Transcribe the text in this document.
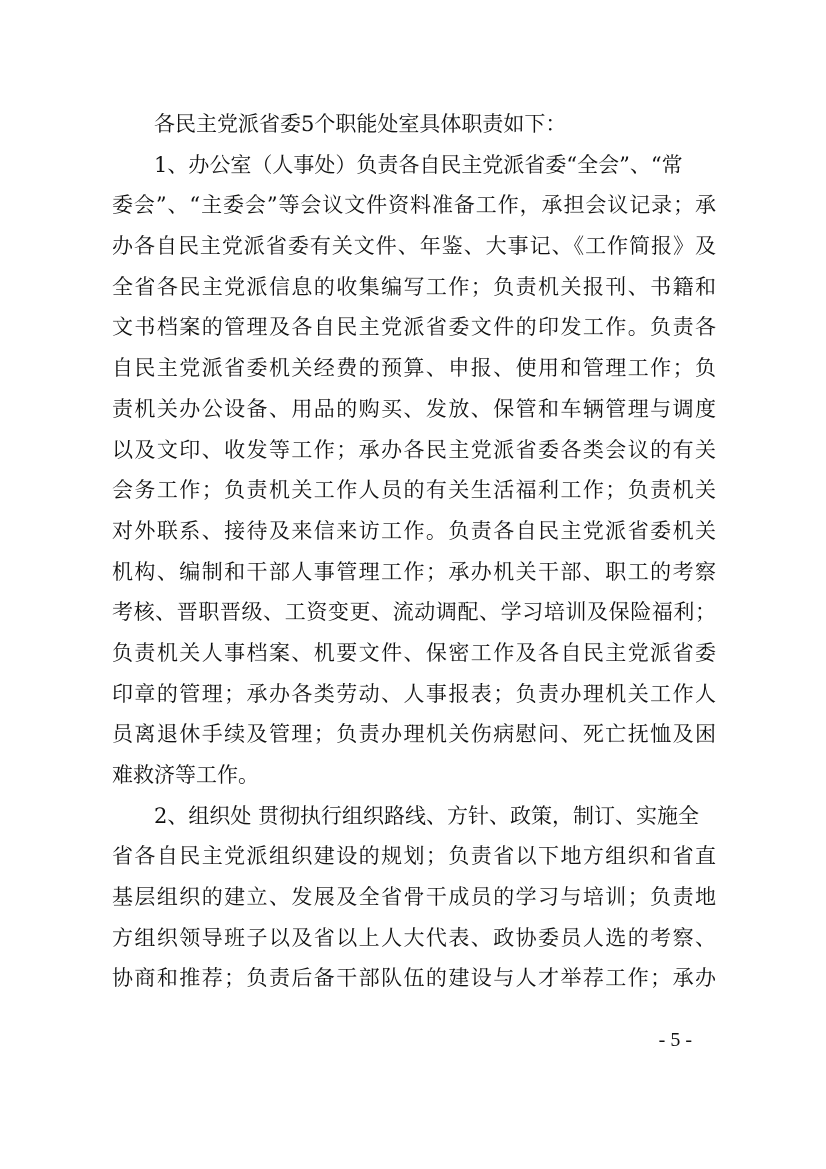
各民主党派省委5个职能处室具体职责如下：
1、办公室（人事处）负责各自民主党派省委“全会”、“常
委会”、“主委会”等会议文件资料准备工作，承担会议记录；承
办各自民主党派省委有关文件、年鉴、大事记、《工作简报》及
全省各民主党派信息的收集编写工作；负责机关报刊、书籍和
文书档案的管理及各自民主党派省委文件的印发工作。负责各
自民主党派省委机关经费的预算、申报、使用和管理工作；负
责机关办公设备、用品的购买、发放、保管和车辆管理与调度
以及文印、收发等工作；承办各民主党派省委各类会议的有关
会务工作；负责机关工作人员的有关生活福利工作；负责机关
对外联系、接待及来信来访工作。负责各自民主党派省委机关
机构、编制和干部人事管理工作；承办机关干部、职工的考察
考核、晋职晋级、工资变更、流动调配、学习培训及保险福利；
负责机关人事档案、机要文件、保密工作及各自民主党派省委
印章的管理；承办各类劳动、人事报表；负责办理机关工作人
员离退休手续及管理；负责办理机关伤病慰问、死亡抚恤及困
难救济等工作。
2、组织处 贯彻执行组织路线、方针、政策，制订、实施全
省各自民主党派组织建设的规划；负责省以下地方组织和省直
基层组织的建立、发展及全省骨干成员的学习与培训；负责地
方组织领导班子以及省以上人大代表、政协委员人选的考察、
协商和推荐；负责后备干部队伍的建设与人才举荐工作；承办
- 5 -
